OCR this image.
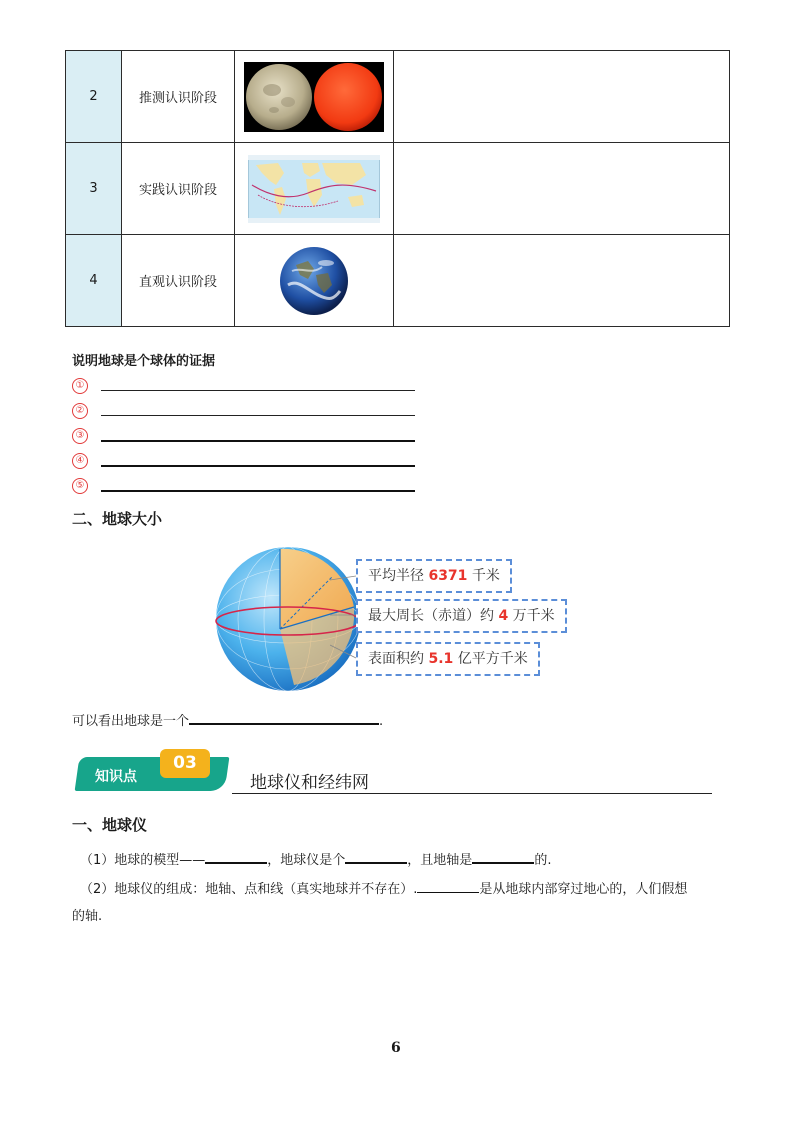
2	推测认识阶段	

3	实践认识阶段	

4	直观认识阶段	

说明地球是个球体的证据
①
②
③
④
⑤
二、地球大小
平均半径 6371 千米
最大周长（赤道）约 4 万千米
表面积约 5.1 亿平方千米
可以看出地球是一个	.
知识点
03
地球仪和经纬网
一、地球仪
（1）地球的模型——	，地球仪是个	，且地轴是	的.
（2）地球仪的组成：地轴、点和线（真实地球并不存在）.	是从地球内部穿过地心的，人们假想
的轴.
6
